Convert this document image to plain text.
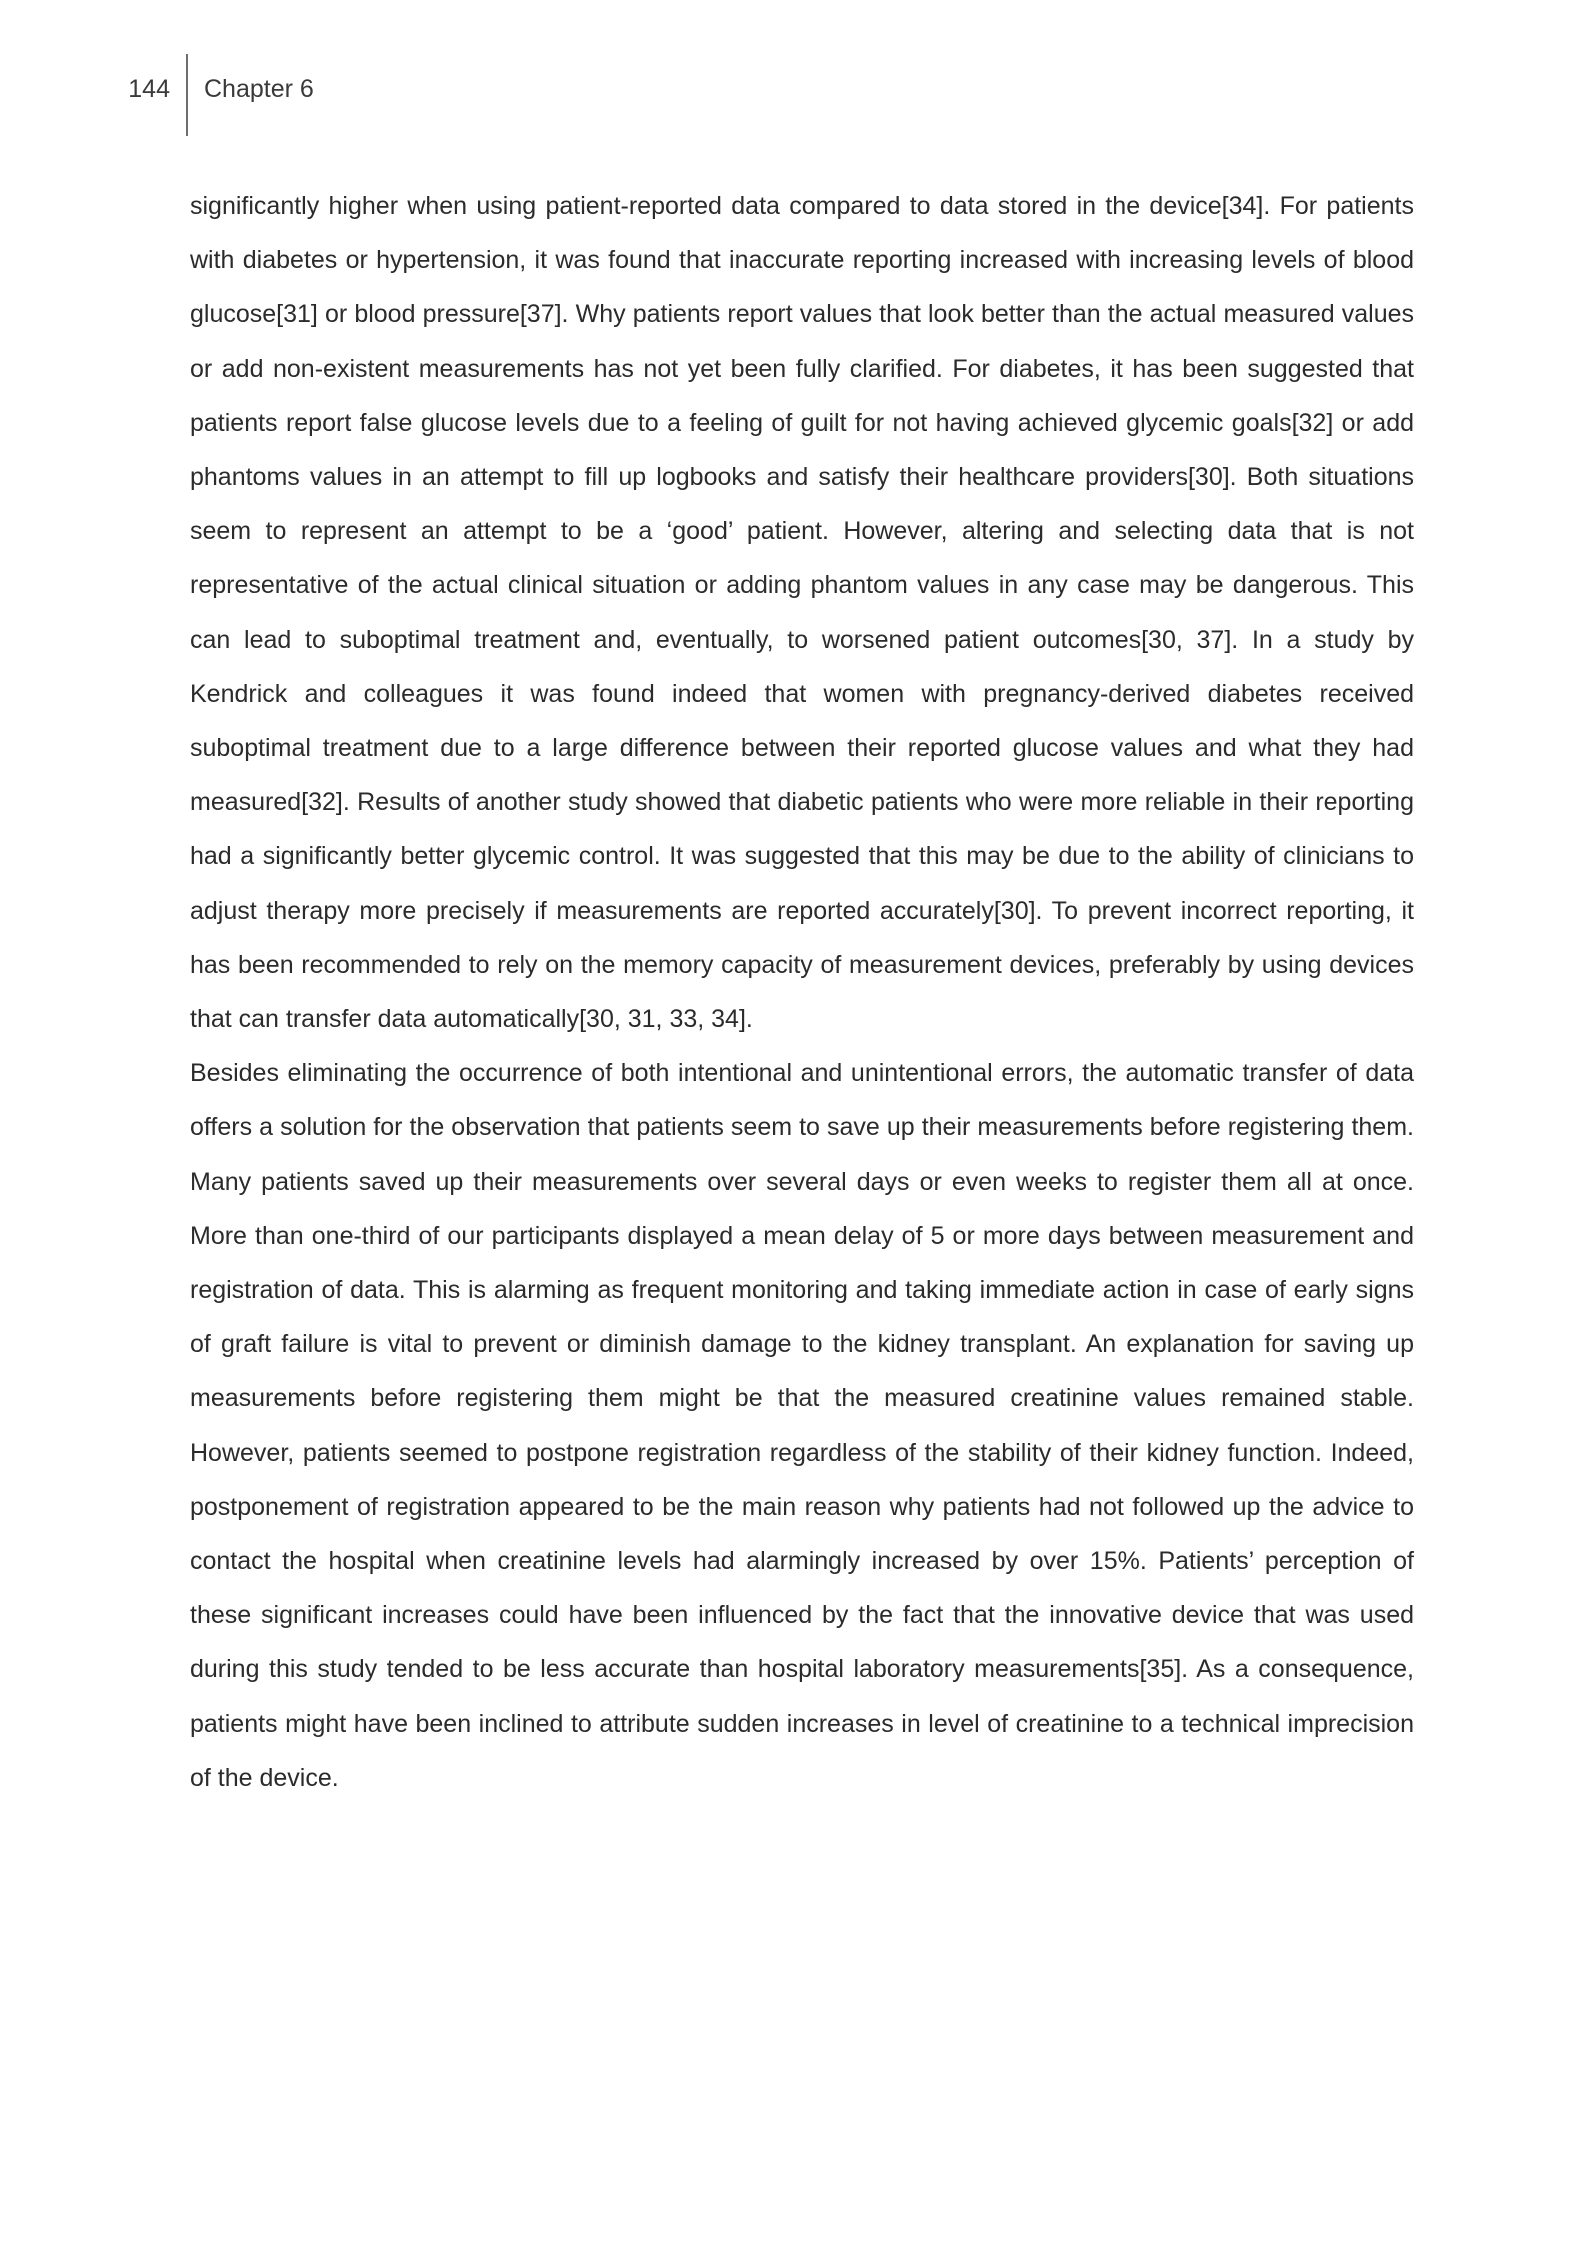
144 Chapter 6

significantly higher when using patient-reported data compared to data stored in the device[34]. For patients with diabetes or hypertension, it was found that inaccurate reporting increased with increasing levels of blood glucose[31] or blood pressure[37]. Why patients report values that look better than the actual measured values or add non-existent measurements has not yet been fully clarified. For diabetes, it has been suggested that patients report false glucose levels due to a feeling of guilt for not having achieved glycemic goals[32] or add phantoms values in an attempt to fill up logbooks and satisfy their healthcare providers[30]. Both situations seem to represent an attempt to be a ‘good’ patient. However, altering and selecting data that is not representative of the actual clinical situation or adding phantom values in any case may be dangerous. This can lead to suboptimal treatment and, eventually, to worsened patient outcomes[30, 37]. In a study by Kendrick and colleagues it was found indeed that women with pregnancy-derived diabetes received suboptimal treatment due to a large difference between their reported glucose values and what they had measured[32]. Results of another study showed that diabetic patients who were more reliable in their reporting had a significantly better glycemic control. It was suggested that this may be due to the ability of clinicians to adjust therapy more precisely if measurements are reported accurately[30]. To prevent incorrect reporting, it has been recommended to rely on the memory capacity of measurement devices, preferably by using devices that can transfer data automatically[30, 31, 33, 34].

Besides eliminating the occurrence of both intentional and unintentional errors, the automatic transfer of data offers a solution for the observation that patients seem to save up their measurements before registering them. Many patients saved up their measurements over several days or even weeks to register them all at once. More than one-third of our participants displayed a mean delay of 5 or more days between measurement and registration of data. This is alarming as frequent monitoring and taking immediate action in case of early signs of graft failure is vital to prevent or diminish damage to the kidney transplant. An explanation for saving up measurements before registering them might be that the measured creatinine values remained stable. However, patients seemed to postpone registration regardless of the stability of their kidney function. Indeed, postponement of registration appeared to be the main reason why patients had not followed up the advice to contact the hospital when creatinine levels had alarmingly increased by over 15%. Patients’ perception of these significant increases could have been influenced by the fact that the innovative device that was used during this study tended to be less accurate than hospital laboratory measurements[35]. As a consequence, patients might have been inclined to attribute sudden increases in level of creatinine to a technical imprecision of the device.
